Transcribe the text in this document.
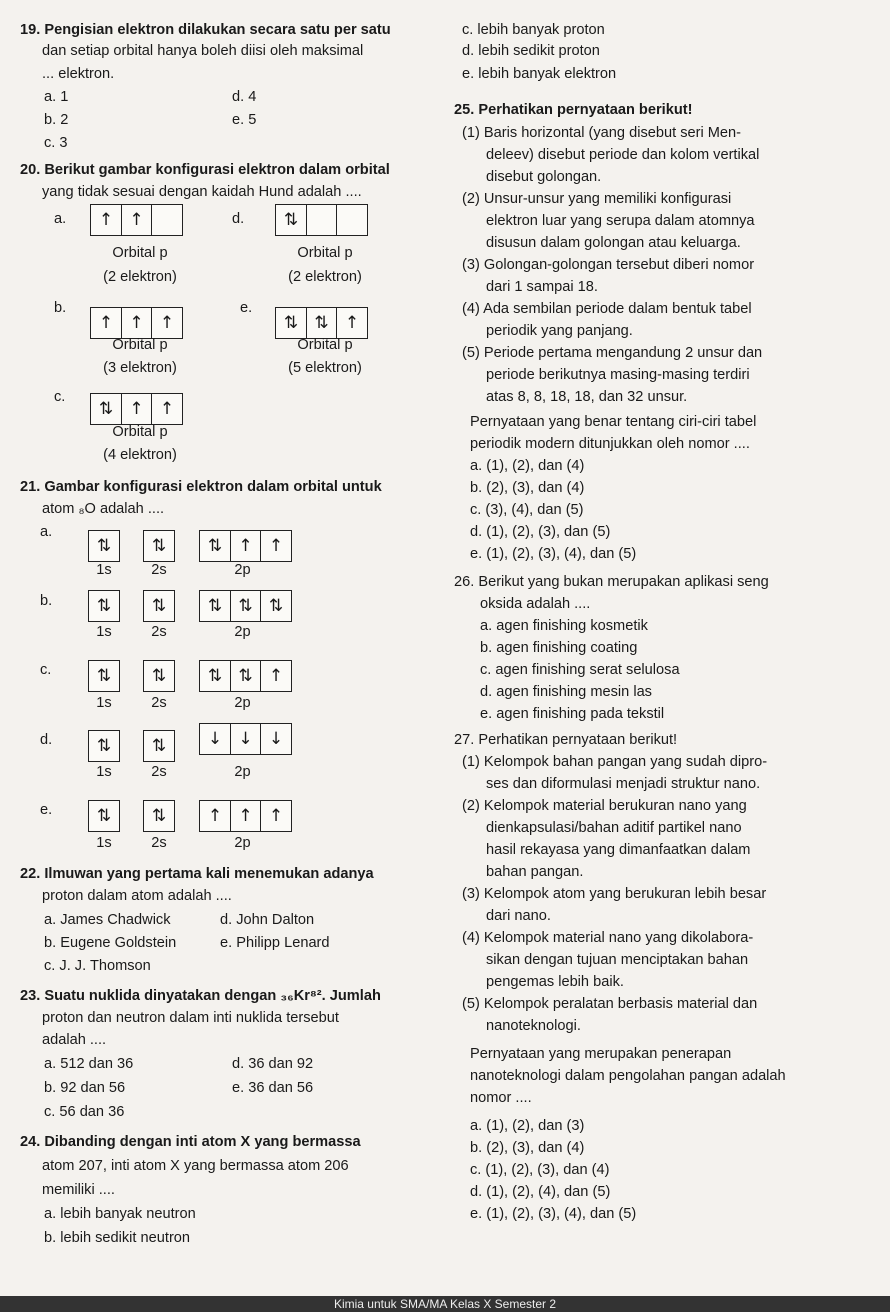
19. Pengisian elektron dilakukan secara satu per satu
dan setiap orbital hanya boleh diisi oleh maksimal
... elektron.
a. 1	d. 4
b. 2	e. 5
c. 3
20. Berikut gambar konfigurasi elektron dalam orbital
yang tidak sesuai dengan kaidah Hund adalah ....
a.	↑ ↑
Orbital p
(2 elektron)
d.	⇅
Orbital p
(2 elektron)
b.
↑ ↑ ↑
Orbital p
(3 elektron)
e.
⇅ ⇅ ↑
Orbital p
(5 elektron)
c.
⇅ ↑ ↑
Orbital p
(4 elektron)
21. Gambar konfigurasi elektron dalam orbital untuk
atom ₈O adalah ....
a.
⇅	⇅	⇅ ↑ ↑
1s	2s	2p
b.	⇅	⇅	⇅ ⇅ ⇅
1s	2s	2p
c.	⇅	⇅	⇅ ⇅ ↑
1s	2s	2p
d.	⇅	⇅	↓ ↓ ↓
1s	2s	2p
e.	⇅	⇅	↑ ↑ ↑
1s	2s	2p
22. Ilmuwan yang pertama kali menemukan adanya
proton dalam atom adalah ....
a. James Chadwick	d. John Dalton
b. Eugene Goldstein	e. Philipp Lenard
c. J. J. Thomson
23. Suatu nuklida dinyatakan dengan ₃₆Kr⁸². Jumlah
proton dan neutron dalam inti nuklida tersebut
adalah ....
a. 512 dan 36	d. 36 dan 92
b. 92 dan 56	e. 36 dan 56
c. 56 dan 36
24. Dibanding dengan inti atom X yang bermassa
atom 207, inti atom X yang bermassa atom 206
memiliki ....
a. lebih banyak neutron
b. lebih sedikit neutron
c. lebih banyak proton
d. lebih sedikit proton
e. lebih banyak elektron
25. Perhatikan pernyataan berikut!
(1) Baris horizontal (yang disebut seri Men-
deleev) disebut periode dan kolom vertikal
disebut golongan.
(2) Unsur-unsur yang memiliki konfigurasi
elektron luar yang serupa dalam atomnya
disusun dalam golongan atau keluarga.
(3) Golongan-golongan tersebut diberi nomor
dari 1 sampai 18.
(4) Ada sembilan periode dalam bentuk tabel
periodik yang panjang.
(5) Periode pertama mengandung 2 unsur dan
periode berikutnya masing-masing terdiri
atas 8, 8, 18, 18, dan 32 unsur.
Pernyataan yang benar tentang ciri-ciri tabel
periodik modern ditunjukkan oleh nomor ....
a. (1), (2), dan (4)
b. (2), (3), dan (4)
c. (3), (4), dan (5)
d. (1), (2), (3), dan (5)
e. (1), (2), (3), (4), dan (5)
26. Berikut yang bukan merupakan aplikasi seng
oksida adalah ....
a. agen finishing kosmetik
b. agen finishing coating
c. agen finishing serat selulosa
d. agen finishing mesin las
e. agen finishing pada tekstil
27. Perhatikan pernyataan berikut!
(1) Kelompok bahan pangan yang sudah dipro-
ses dan diformulasi menjadi struktur nano.
(2) Kelompok material berukuran nano yang
dienkapsulasi/bahan aditif partikel nano
hasil rekayasa yang dimanfaatkan dalam
bahan pangan.
(3) Kelompok atom yang berukuran lebih besar
dari nano.
(4) Kelompok material nano yang dikolabora-
sikan dengan tujuan menciptakan bahan
pengemas lebih baik.
(5) Kelompok peralatan berbasis material dan
nanoteknologi.
Pernyataan yang merupakan penerapan
nanoteknologi dalam pengolahan pangan adalah
nomor ....
a. (1), (2), dan (3)
b. (2), (3), dan (4)
c. (1), (2), (3), dan (4)
d. (1), (2), (4), dan (5)
e. (1), (2), (3), (4), dan (5)
Kimia untuk SMA/MA Kelas X Semester 2
